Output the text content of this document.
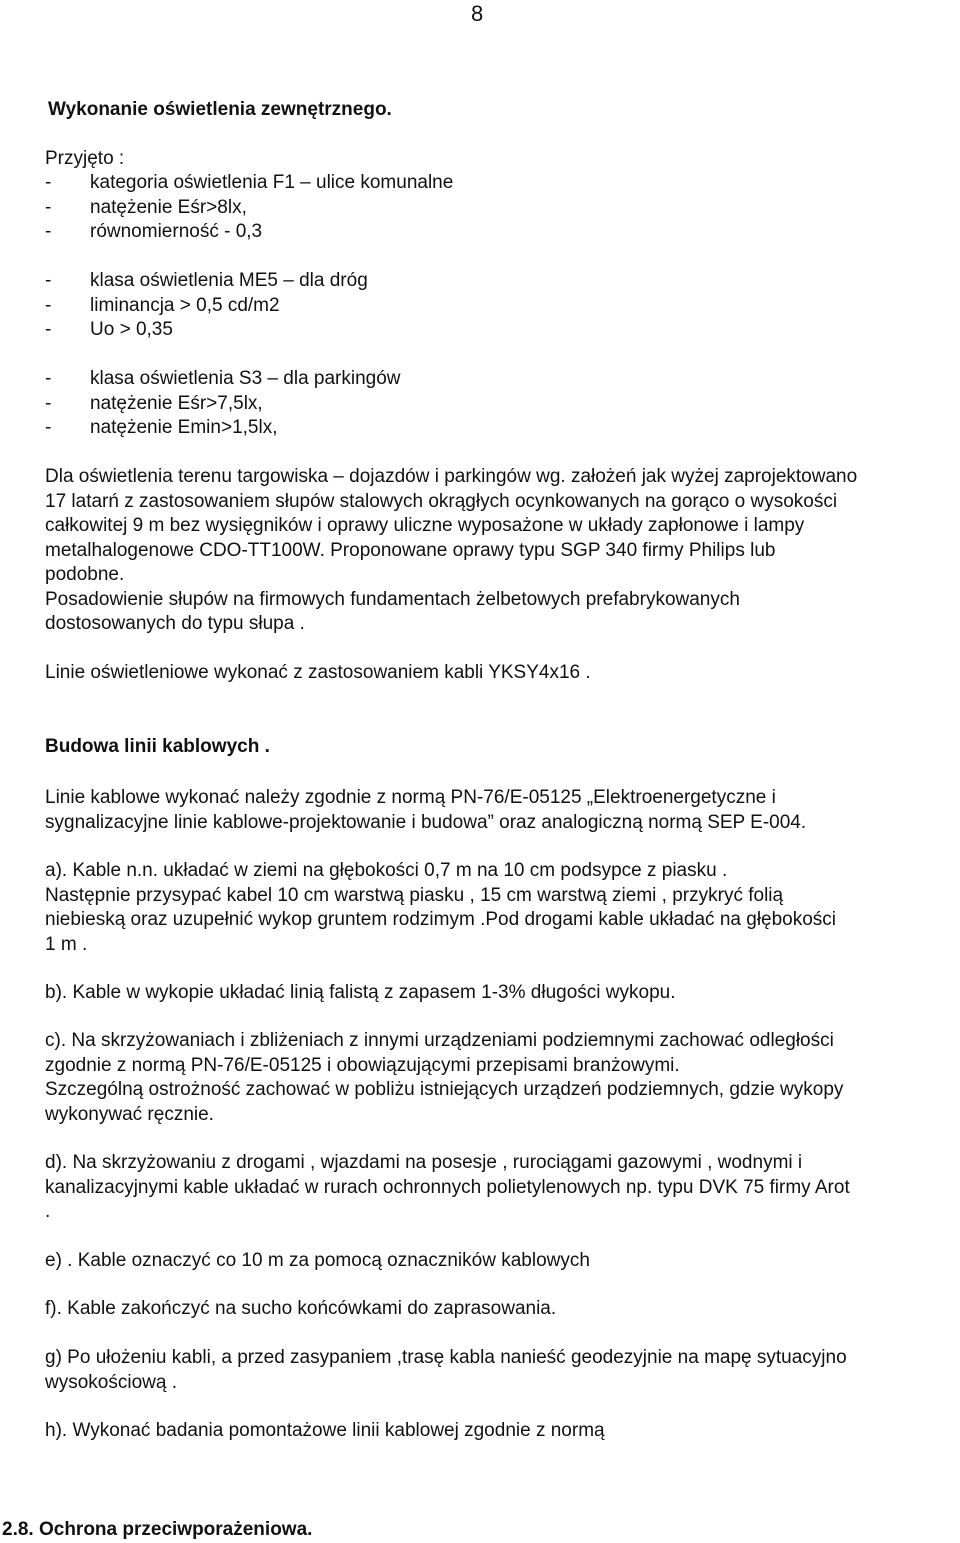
8
Wykonanie oświetlenia zewnętrznego.
Przyjęto :
- kategoria oświetlenia F1 – ulice komunalne
- natężenie Eśr>8lx,
- równomierność - 0,3
- klasa oświetlenia ME5 – dla dróg
- liminancja > 0,5 cd/m2
- Uo > 0,35
- klasa oświetlenia S3 – dla parkingów
- natężenie Eśr>7,5lx,
- natężenie Emin>1,5lx,
Dla oświetlenia terenu targowiska – dojazdów i parkingów wg. założeń jak wyżej zaprojektowano
17 latarń z zastosowaniem słupów stalowych okrągłych ocynkowanych na gorąco o wysokości
całkowitej 9 m bez wysięgników i oprawy uliczne wyposażone w układy zapłonowe i lampy
metalhalogenowe CDO-TT100W. Proponowane oprawy typu SGP 340 firmy Philips lub
podobne.
Posadowienie słupów na firmowych fundamentach żelbetowych prefabrykowanych
dostosowanych do typu słupa .
Linie oświetleniowe wykonać z zastosowaniem kabli YKSY4x16 .
Budowa linii kablowych .
Linie kablowe wykonać należy zgodnie z normą PN-76/E-05125 „Elektroenergetyczne i
sygnalizacyjne linie kablowe-projektowanie i budowa” oraz analogiczną normą SEP E-004.
a). Kable n.n. układać w ziemi na głębokości 0,7 m na 10 cm podsypce z piasku .
Następnie przysypać kabel 10 cm warstwą piasku , 15 cm warstwą ziemi , przykryć folią
niebieską oraz uzupełnić wykop gruntem rodzimym .Pod drogami kable układać na głębokości
1 m .
b). Kable w wykopie układać linią falistą z zapasem 1-3% długości wykopu.
c). Na skrzyżowaniach i zbliżeniach z innymi urządzeniami podziemnymi zachować odległości
zgodnie z normą PN-76/E-05125 i obowiązującymi przepisami branżowymi.
Szczególną ostrożność zachować w pobliżu istniejących urządzeń podziemnych, gdzie wykopy
wykonywać ręcznie.
d). Na skrzyżowaniu z drogami , wjazdami na posesje , rurociągami gazowymi , wodnymi i
kanalizacyjnymi kable układać w rurach ochronnych polietylenowych np. typu DVK 75 firmy Arot
.
e) . Kable oznaczyć co 10 m za pomocą oznaczników kablowych
f). Kable zakończyć na sucho końcówkami do zaprasowania.
g) Po ułożeniu kabli, a przed zasypaniem ,trasę kabla nanieść geodezyjnie na mapę sytuacyjno
wysokościową .
h). Wykonać badania pomontażowe linii kablowej zgodnie z normą
2.8. Ochrona przeciwporażeniowa.
